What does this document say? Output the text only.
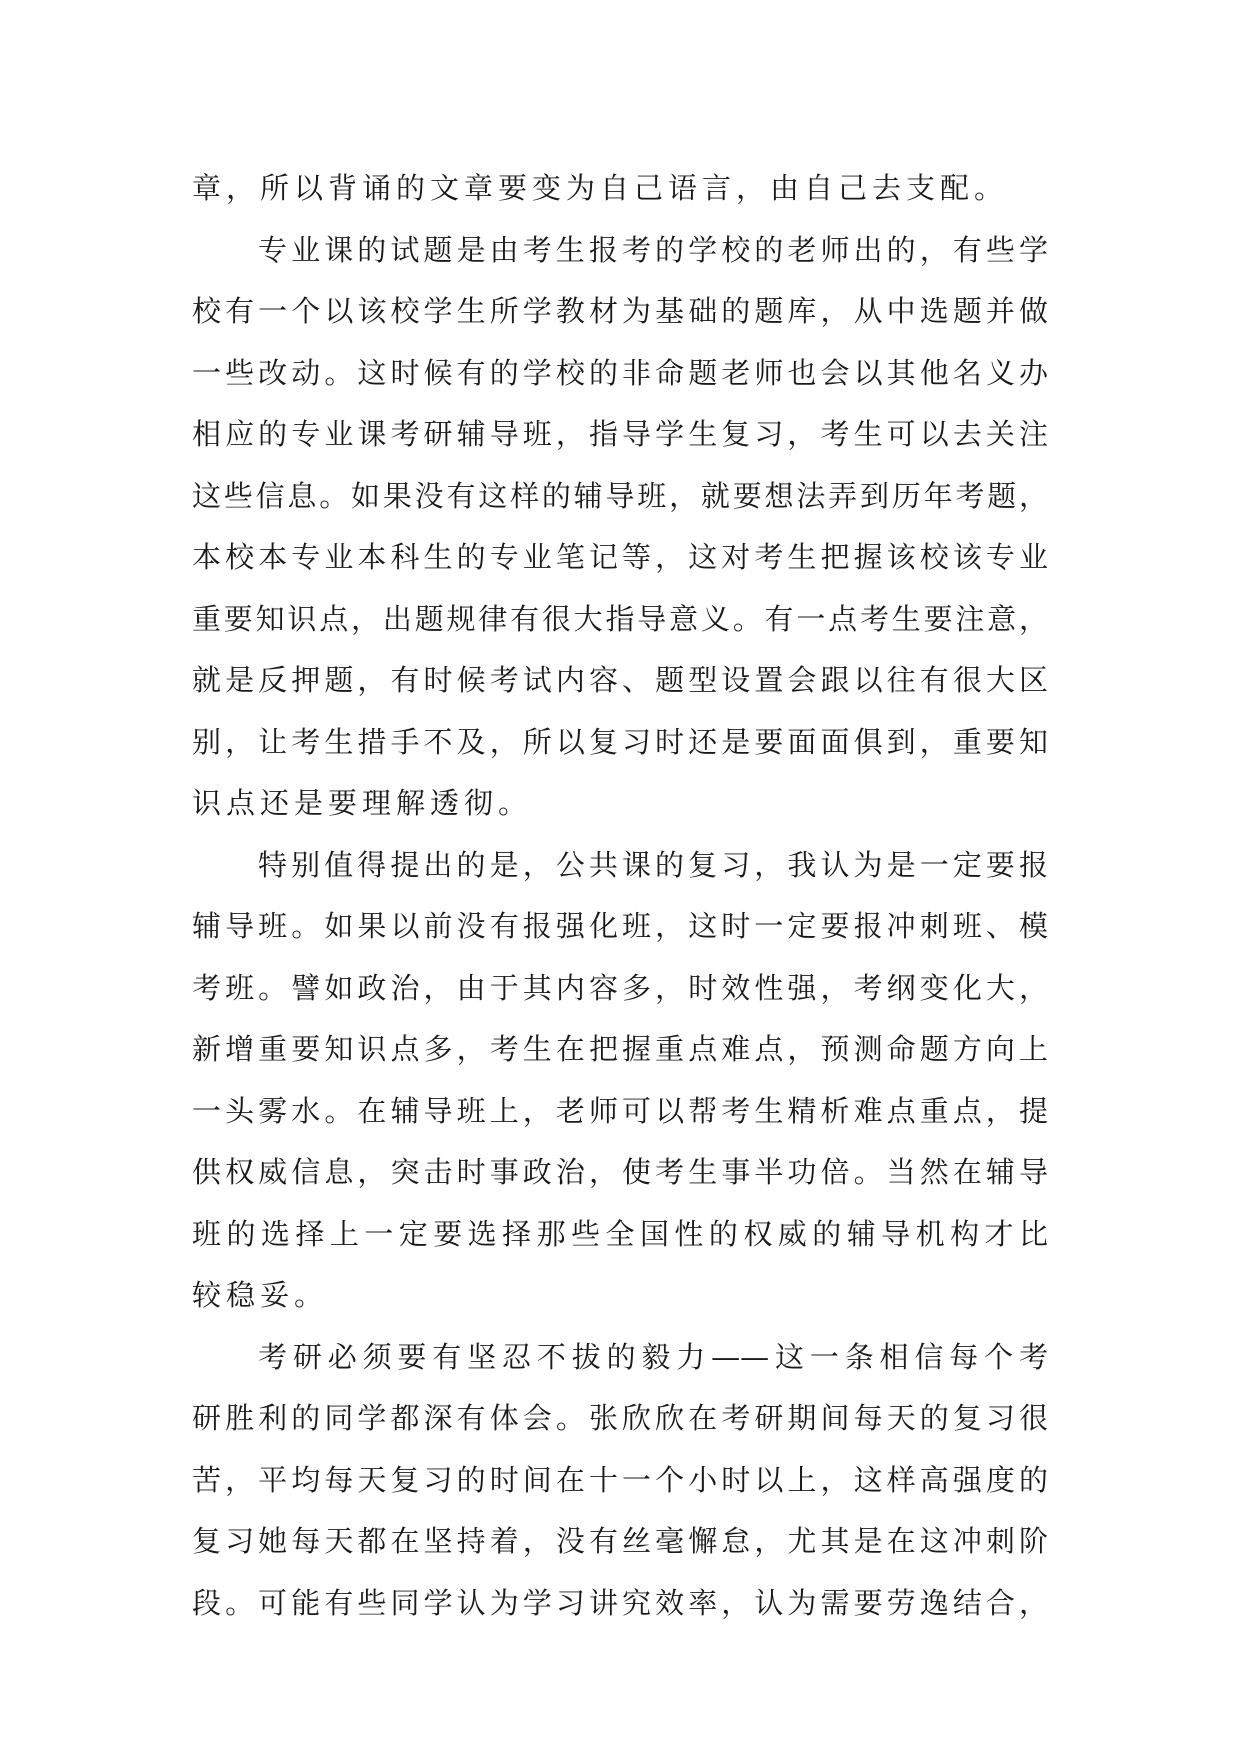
章，所以背诵的文章要变为自己语言，由自己去支配。
专业课的试题是由考生报考的学校的老师出的，有些学
校有一个以该校学生所学教材为基础的题库，从中选题并做
一些改动。这时候有的学校的非命题老师也会以其他名义办
相应的专业课考研辅导班，指导学生复习，考生可以去关注
这些信息。如果没有这样的辅导班，就要想法弄到历年考题，
本校本专业本科生的专业笔记等，这对考生把握该校该专业
重要知识点，出题规律有很大指导意义。有一点考生要注意，
就是反押题，有时候考试内容、题型设置会跟以往有很大区
别，让考生措手不及，所以复习时还是要面面俱到，重要知
识点还是要理解透彻。
特别值得提出的是，公共课的复习，我认为是一定要报
辅导班。如果以前没有报强化班，这时一定要报冲刺班、模
考班。譬如政治，由于其内容多，时效性强，考纲变化大，
新增重要知识点多，考生在把握重点难点，预测命题方向上
一头雾水。在辅导班上，老师可以帮考生精析难点重点，提
供权威信息，突击时事政治，使考生事半功倍。当然在辅导
班的选择上一定要选择那些全国性的权威的辅导机构才比
较稳妥。
考研必须要有坚忍不拔的毅力——这一条相信每个考
研胜利的同学都深有体会。张欣欣在考研期间每天的复习很
苦，平均每天复习的时间在十一个小时以上，这样高强度的
复习她每天都在坚持着，没有丝毫懈怠，尤其是在这冲刺阶
段。可能有些同学认为学习讲究效率，认为需要劳逸结合，
